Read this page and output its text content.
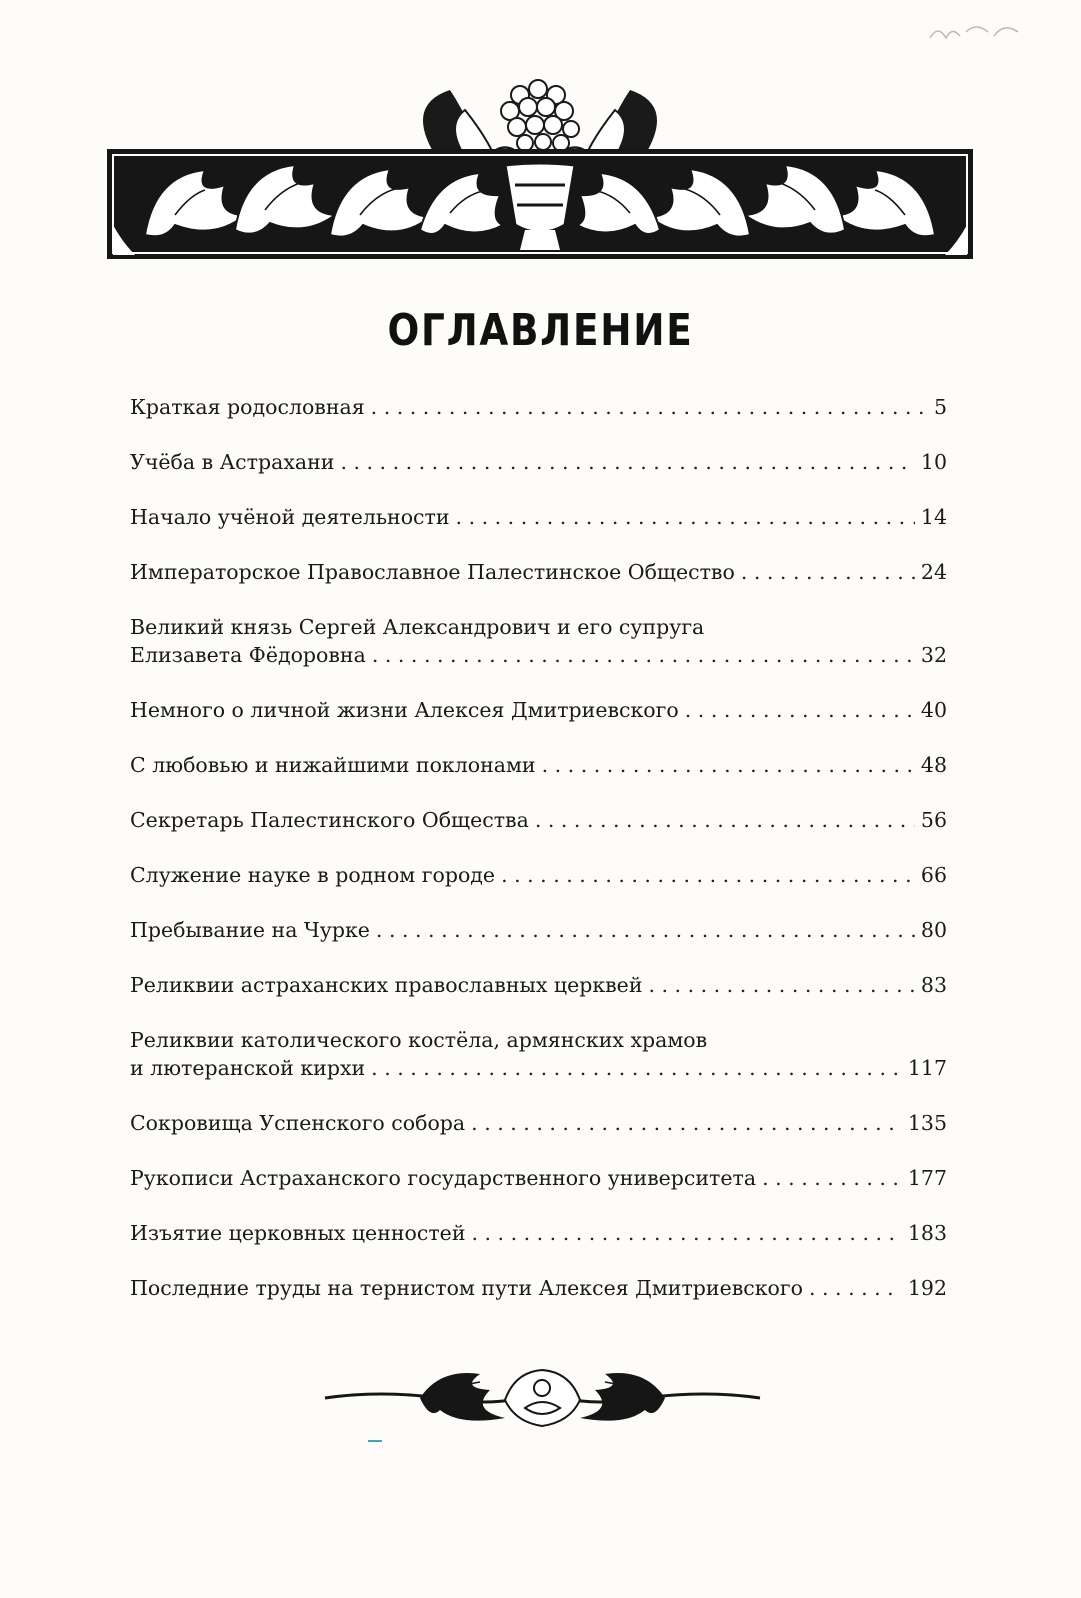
ОГЛАВЛЕНИЕ
Краткая родословная . . .	5
Учёба в Астрахани . . .	10
Начало учёной деятельности . . .	14
Императорское Православное Палестинское Общество . . .	24
Великий князь Сергей Александрович и его супруга
Елизавета Фёдоровна . . .	32
Немного о личной жизни Алексея Дмитриевского . . .	40
С любовью и нижайшими поклонами . . .	48
Секретарь Палестинского Общества . . .	56
Служение науке в родном городе . . .	66
Пребывание на Чурке . . .	80
Реликвии астраханских православных церквей . . .	83
Реликвии католического костёла, армянских храмов
и лютеранской кирхи . . .	117
Сокровища Успенского собора . . .	135
Рукописи Астраханского государственного университета . . .	177
Изъятие церковных ценностей . . .	183
Последние труды на тернистом пути Алексея Дмитриевского . . .	192
